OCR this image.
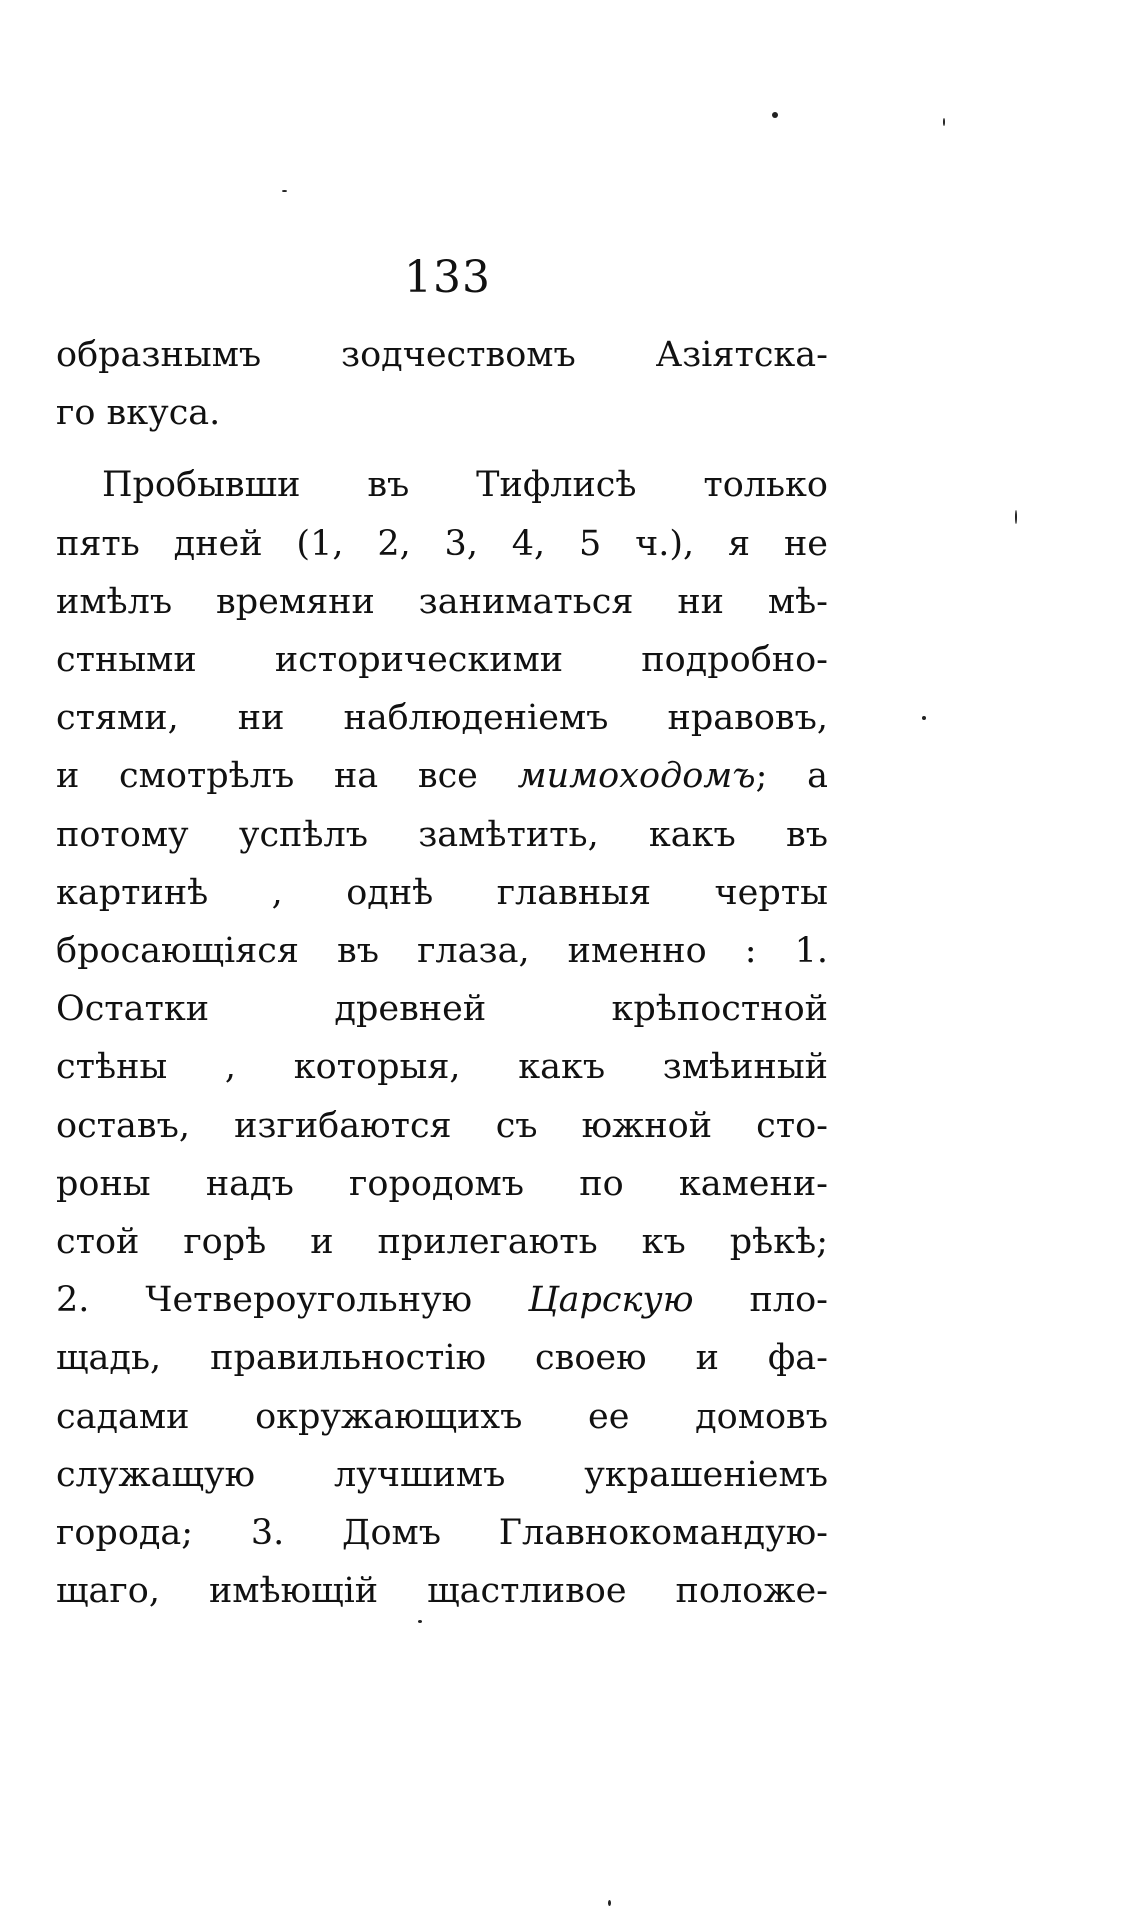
133
образнымъ зодчествомъ Азіятска-
го вкуса.
Пробывши въ Тифлисѣ только
пять дней (1, 2, 3, 4, 5 ч.), я не
имѣлъ времяни заниматься ни мѣ-
стными историческими подробно-
стями, ни наблюденіемъ нравовъ,
и смотрѣлъ на все мимоходомъ; а
потому успѣлъ замѣтить, какъ въ
картинѣ , однѣ главныя черты
бросающіяся въ глаза, именно : 1.
Остатки древней крѣпостной
стѣны , которыя, какъ змѣиный
оставъ, изгибаются съ южной сто-
роны надъ городомъ по камени-
стой горѣ и прилегають къ рѣкѣ;
2. Четвероугольную Царскую пло-
щадь, правильностію своею и фа-
садами окружающихъ ее домовъ
служащую лучшимъ украшеніемъ
города; 3. Домъ Главнокомандую-
щаго, имѣющій щастливое положе-
